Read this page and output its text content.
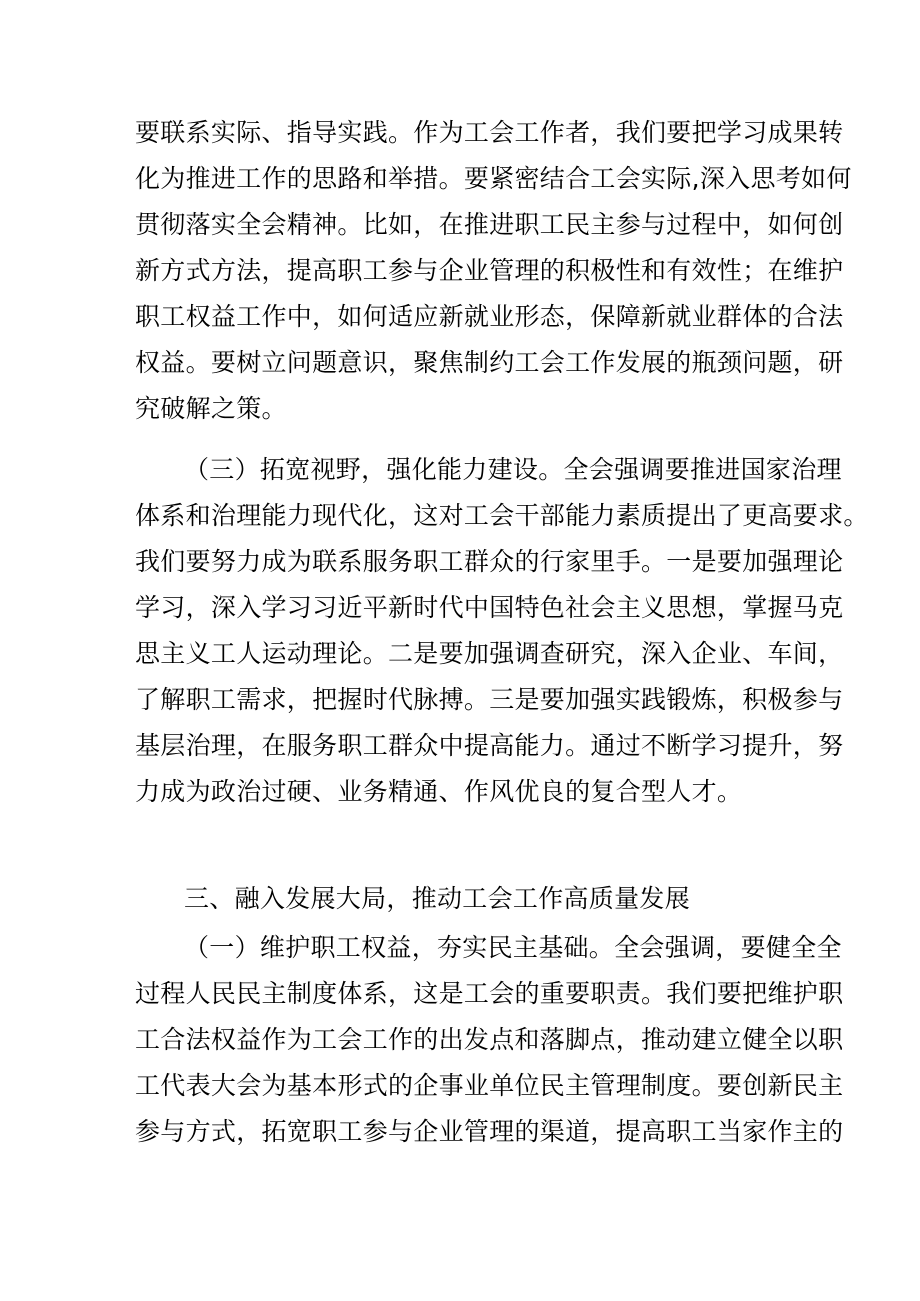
要联系实际、指导实践。作为工会工作者，我们要把学习成果转
化为推进工作的思路和举措。要紧密结合工会实际,深入思考如何
贯彻落实全会精神。比如，在推进职工民主参与过程中，如何创
新方式方法，提高职工参与企业管理的积极性和有效性；在维护
职工权益工作中，如何适应新就业形态，保障新就业群体的合法
权益。要树立问题意识，聚焦制约工会工作发展的瓶颈问题，研
究破解之策。
（三）拓宽视野，强化能力建设。全会强调要推进国家治理
体系和治理能力现代化，这对工会干部能力素质提出了更高要求。
我们要努力成为联系服务职工群众的行家里手。一是要加强理论
学习，深入学习习近平新时代中国特色社会主义思想，掌握马克
思主义工人运动理论。二是要加强调查研究，深入企业、车间，
了解职工需求，把握时代脉搏。三是要加强实践锻炼，积极参与
基层治理，在服务职工群众中提高能力。通过不断学习提升，努
力成为政治过硬、业务精通、作风优良的复合型人才。
三、融入发展大局，推动工会工作高质量发展
（一）维护职工权益，夯实民主基础。全会强调，要健全全
过程人民民主制度体系，这是工会的重要职责。我们要把维护职
工合法权益作为工会工作的出发点和落脚点，推动建立健全以职
工代表大会为基本形式的企事业单位民主管理制度。要创新民主
参与方式，拓宽职工参与企业管理的渠道，提高职工当家作主的
